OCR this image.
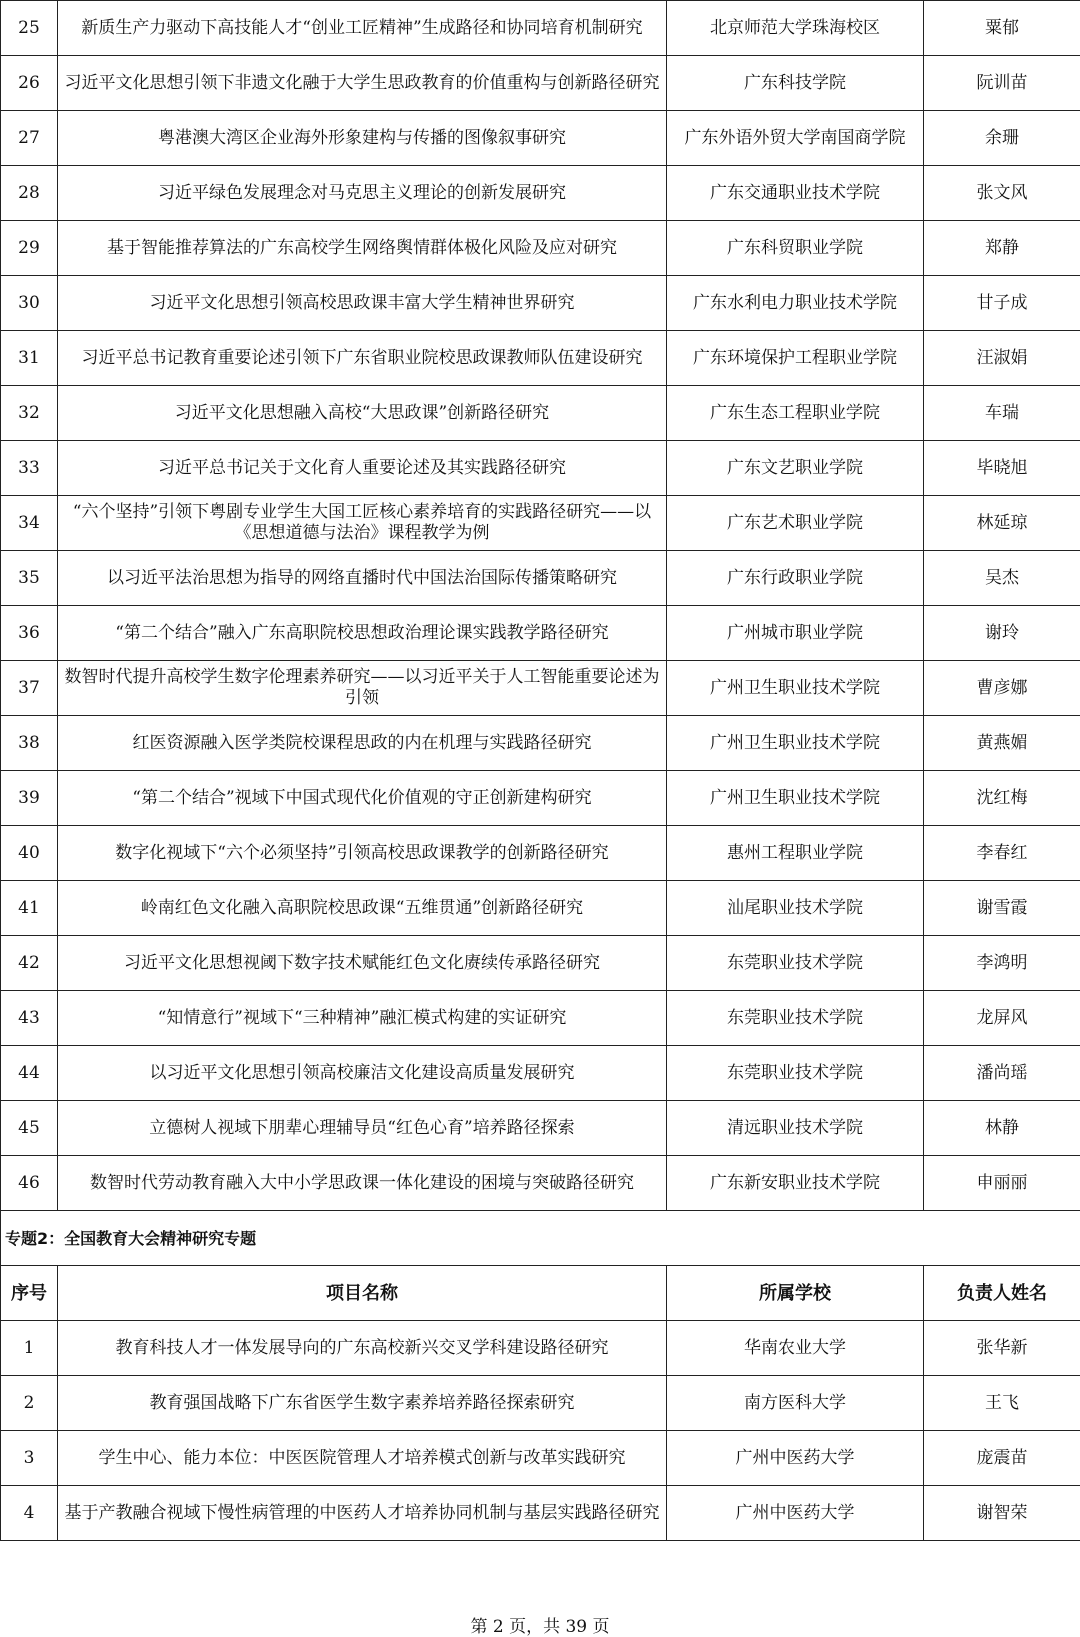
25	新质生产力驱动下高技能人才“创业工匠精神”生成路径和协同培育机制研究	北京师范大学珠海校区	粟郁
26	习近平文化思想引领下非遗文化融于大学生思政教育的价值重构与创新路径研究	广东科技学院	阮训苗
27	粤港澳大湾区企业海外形象建构与传播的图像叙事研究	广东外语外贸大学南国商学院	余珊
28	习近平绿色发展理念对马克思主义理论的创新发展研究	广东交通职业技术学院	张文风
29	基于智能推荐算法的广东高校学生网络舆情群体极化风险及应对研究	广东科贸职业学院	郑静
30	习近平文化思想引领高校思政课丰富大学生精神世界研究	广东水利电力职业技术学院	甘子成
31	习近平总书记教育重要论述引领下广东省职业院校思政课教师队伍建设研究	广东环境保护工程职业学院	汪淑娟
32	习近平文化思想融入高校“大思政课”创新路径研究	广东生态工程职业学院	车瑞
33	习近平总书记关于文化育人重要论述及其实践路径研究	广东文艺职业学院	毕晓旭
34	“六个坚持”引领下粤剧专业学生大国工匠核心素养培育的实践路径研究——以《思想道德与法治》课程教学为例	广东艺术职业学院	林延琼
35	以习近平法治思想为指导的网络直播时代中国法治国际传播策略研究	广东行政职业学院	吴杰
36	“第二个结合”融入广东高职院校思想政治理论课实践教学路径研究	广州城市职业学院	谢玲
37	数智时代提升高校学生数字伦理素养研究——以习近平关于人工智能重要论述为引领	广州卫生职业技术学院	曹彦娜
38	红医资源融入医学类院校课程思政的内在机理与实践路径研究	广州卫生职业技术学院	黄燕媚
39	“第二个结合”视域下中国式现代化价值观的守正创新建构研究	广州卫生职业技术学院	沈红梅
40	数字化视域下“六个必须坚持”引领高校思政课教学的创新路径研究	惠州工程职业学院	李春红
41	岭南红色文化融入高职院校思政课“五维贯通”创新路径研究	汕尾职业技术学院	谢雪霞
42	习近平文化思想视阈下数字技术赋能红色文化赓续传承路径研究	东莞职业技术学院	李鸿明
43	“知情意行”视域下“三种精神”融汇模式构建的实证研究	东莞职业技术学院	龙屏风
44	以习近平文化思想引领高校廉洁文化建设高质量发展研究	东莞职业技术学院	潘尚瑶
45	立德树人视域下朋辈心理辅导员“红色心育”培养路径探索	清远职业技术学院	林静
46	数智时代劳动教育融入大中小学思政课一体化建设的困境与突破路径研究	广东新安职业技术学院	申丽丽
专题2：全国教育大会精神研究专题			
序号	项目名称	所属学校	负责人姓名
1	教育科技人才一体发展导向的广东高校新兴交叉学科建设路径研究	华南农业大学	张华新
2	教育强国战略下广东省医学生数字素养培养路径探索研究	南方医科大学	王飞
3	学生中心、能力本位：中医医院管理人才培养模式创新与改革实践研究	广州中医药大学	庞震苗
4	基于产教融合视域下慢性病管理的中医药人才培养协同机制与基层实践路径研究	广州中医药大学	谢智荣
第 2 页，共 39 页
